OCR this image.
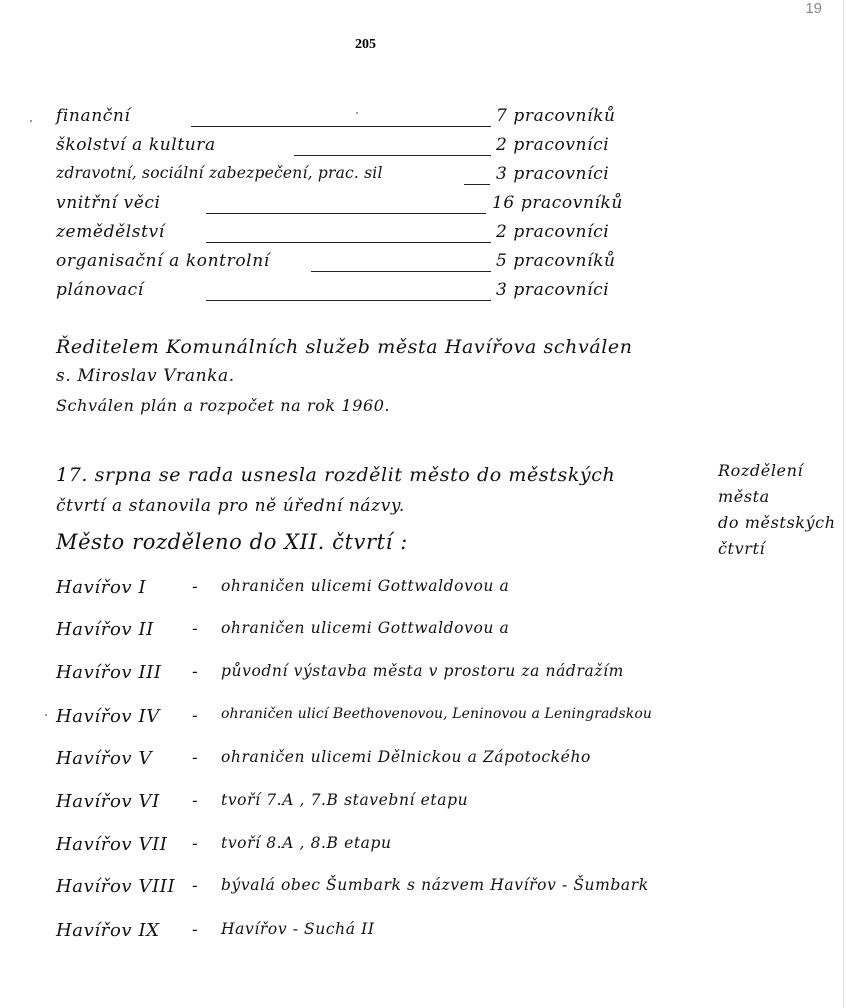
19
205
finanční	7 pracovníků
školství a kultura	2 pracovníci
zdravotní, sociální zabezpečení, prac. sil	3 pracovníci
vnitřní věci	16 pracovníků
zemědělství	2 pracovníci
organisační a kontrolní	5 pracovníků
plánovací	3 pracovníci
Ředitelem Komunálních služeb města Havířova schválen
s. Miroslav Vranka.
Schválen plán a rozpočet na rok 1960.
17. srpna se rada usnesla rozdělit město do městských
čtvrtí a stanovila pro ně úřední názvy.
Město rozděleno do XII. čtvrtí :
Rozdělení
města
do městských
čtvrtí
Havířov I	- ohraničen ulicemi Gottwaldovou a
Havířov II - ohraničen ulicemi Gottwaldovou a
Havířov III - původní výstavba města v prostoru za nádražím
Havířov IV - ohraničen ulicí Beethovenovou, Leninovou a Leningradskou
Havířov V - ohraničen ulicemi Dělnickou a Zápotockého
Havířov VI - tvoří 7.A , 7.B stavební etapu
Havířov VII - tvoří 8.A , 8.B etapu
Havířov VIII - bývalá obec Šumbark s názvem Havířov - Šumbark
Havířov IX - Havířov - Suchá II
